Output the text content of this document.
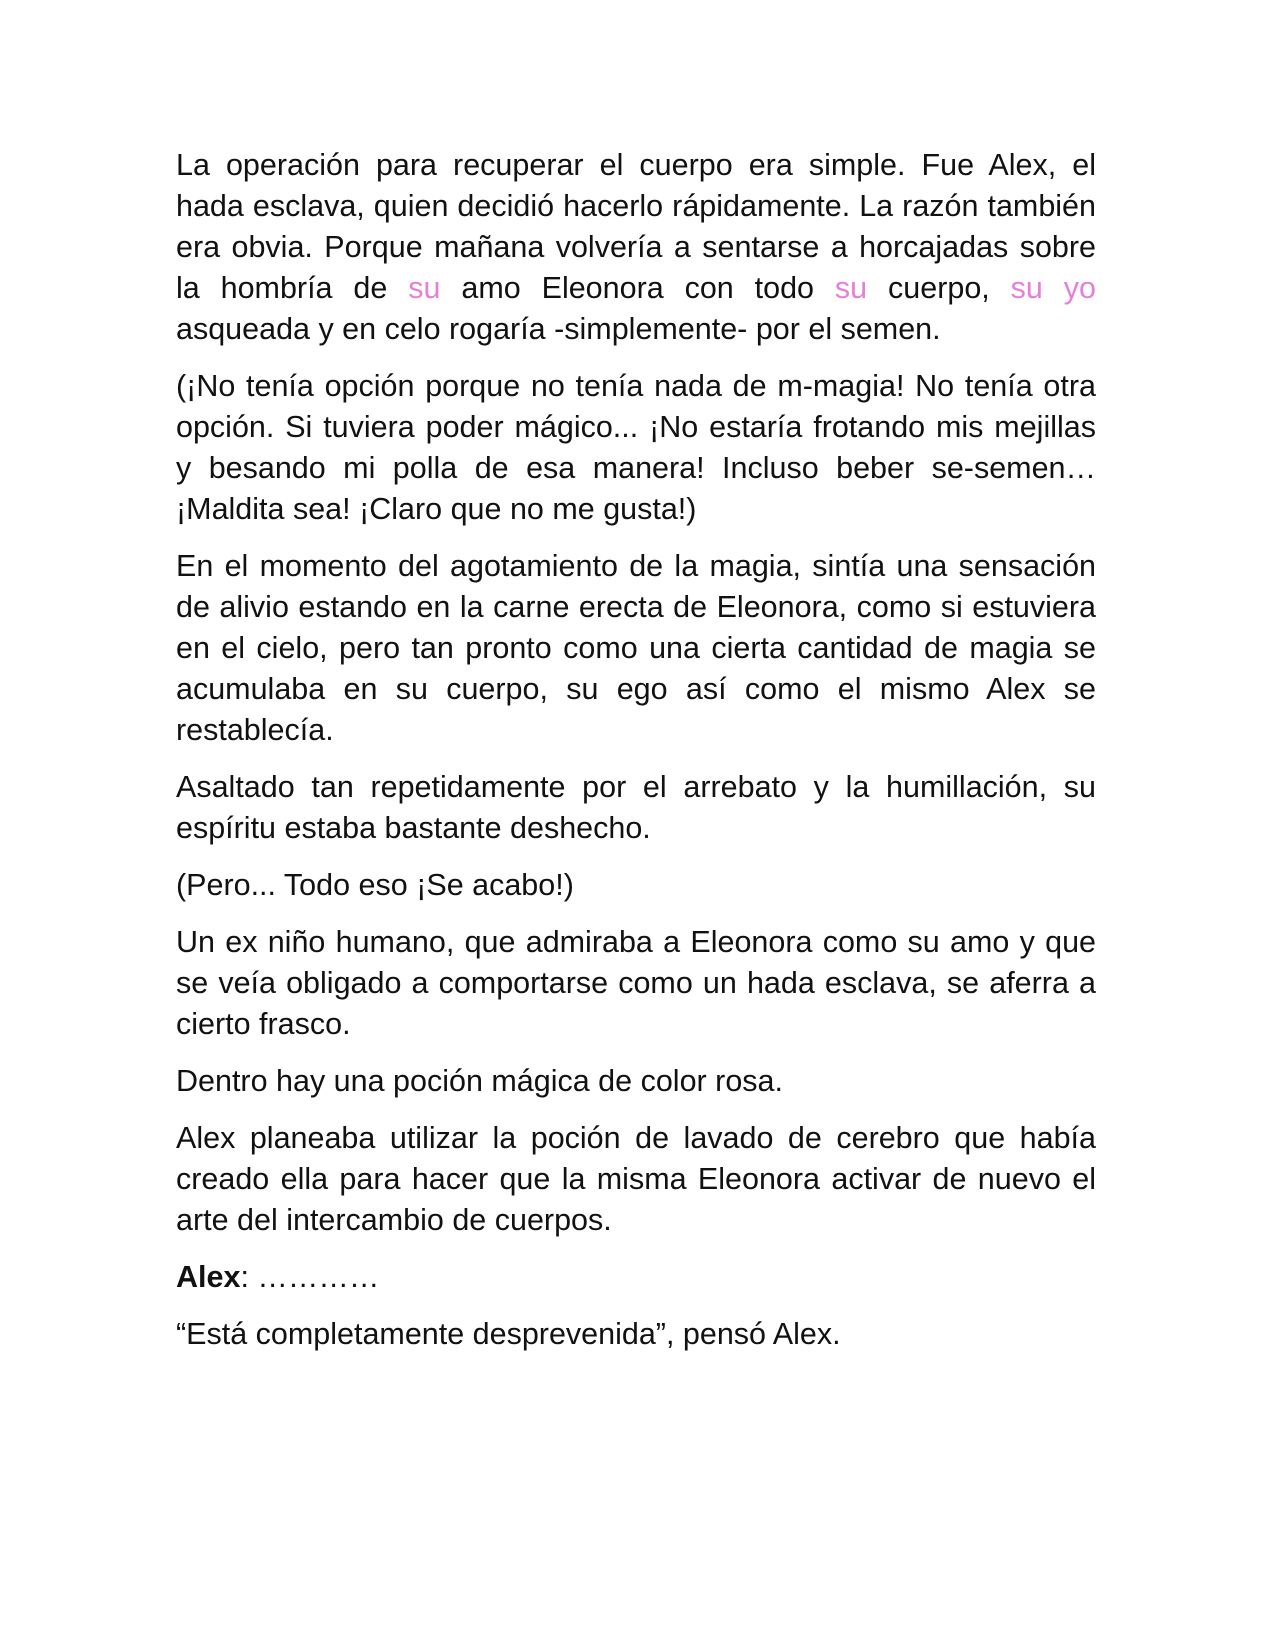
La operación para recuperar el cuerpo era simple. Fue Alex, el hada esclava, quien decidió hacerlo rápidamente. La razón también era obvia. Porque mañana volvería a sentarse a horcajadas sobre la hombría de su amo Eleonora con todo su cuerpo, su yo asqueada y en celo rogaría -simplemente- por el semen.

(¡No tenía opción porque no tenía nada de m-magia! No tenía otra opción. Si tuviera poder mágico... ¡No estaría frotando mis mejillas y besando mi polla de esa manera! Incluso beber se-semen… ¡Maldita sea! ¡Claro que no me gusta!)

En el momento del agotamiento de la magia, sintía una sensación de alivio estando en la carne erecta de Eleonora, como si estuviera en el cielo, pero tan pronto como una cierta cantidad de magia se acumulaba en su cuerpo, su ego así como el mismo Alex se restablecía.

Asaltado tan repetidamente por el arrebato y la humillación, su espíritu estaba bastante deshecho.

(Pero... Todo eso ¡Se acabo!)

Un ex niño humano, que admiraba a Eleonora como su amo y que se veía obligado a comportarse como un hada esclava, se aferra a cierto frasco.

Dentro hay una poción mágica de color rosa.

Alex planeaba utilizar la poción de lavado de cerebro que había creado ella para hacer que la misma Eleonora activar de nuevo el arte del intercambio de cuerpos.

Alex: …………

“Está completamente desprevenida”, pensó Alex.
